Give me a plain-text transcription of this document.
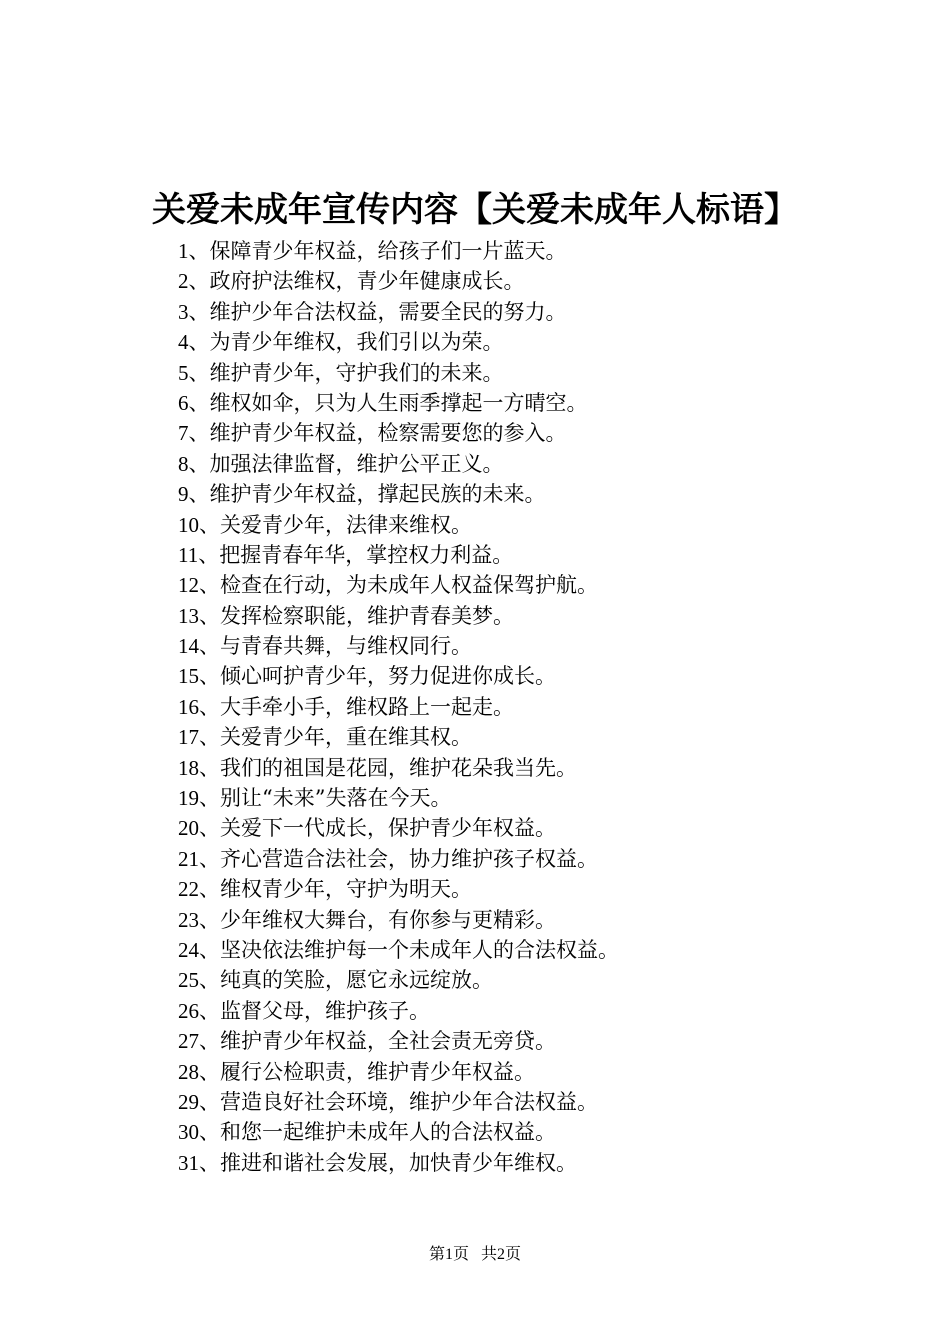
关爱未成年宣传内容【关爱未成年人标语】
1、保障青少年权益，给孩子们一片蓝天。
2、政府护法维权，青少年健康成长。
3、维护少年合法权益，需要全民的努力。
4、为青少年维权，我们引以为荣。
5、维护青少年，守护我们的未来。
6、维权如伞，只为人生雨季撑起一方晴空。
7、维护青少年权益，检察需要您的参入。
8、加强法律监督，维护公平正义。
9、维护青少年权益，撑起民族的未来。
10、关爱青少年，法律来维权。
11、把握青春年华，掌控权力利益。
12、检查在行动，为未成年人权益保驾护航。
13、发挥检察职能，维护青春美梦。
14、与青春共舞，与维权同行。
15、倾心呵护青少年，努力促进你成长。
16、大手牵小手，维权路上一起走。
17、关爱青少年，重在维其权。
18、我们的祖国是花园，维护花朵我当先。
19、别让“未来”失落在今天。
20、关爱下一代成长，保护青少年权益。
21、齐心营造合法社会，协力维护孩子权益。
22、维权青少年，守护为明天。
23、少年维权大舞台，有你参与更精彩。
24、坚决依法维护每一个未成年人的合法权益。
25、纯真的笑脸，愿它永远绽放。
26、监督父母，维护孩子。
27、维护青少年权益，全社会责无旁贷。
28、履行公检职责，维护青少年权益。
29、营造良好社会环境，维护少年合法权益。
30、和您一起维护未成年人的合法权益。
31、推进和谐社会发展，加快青少年维权。
第1页 共2页
